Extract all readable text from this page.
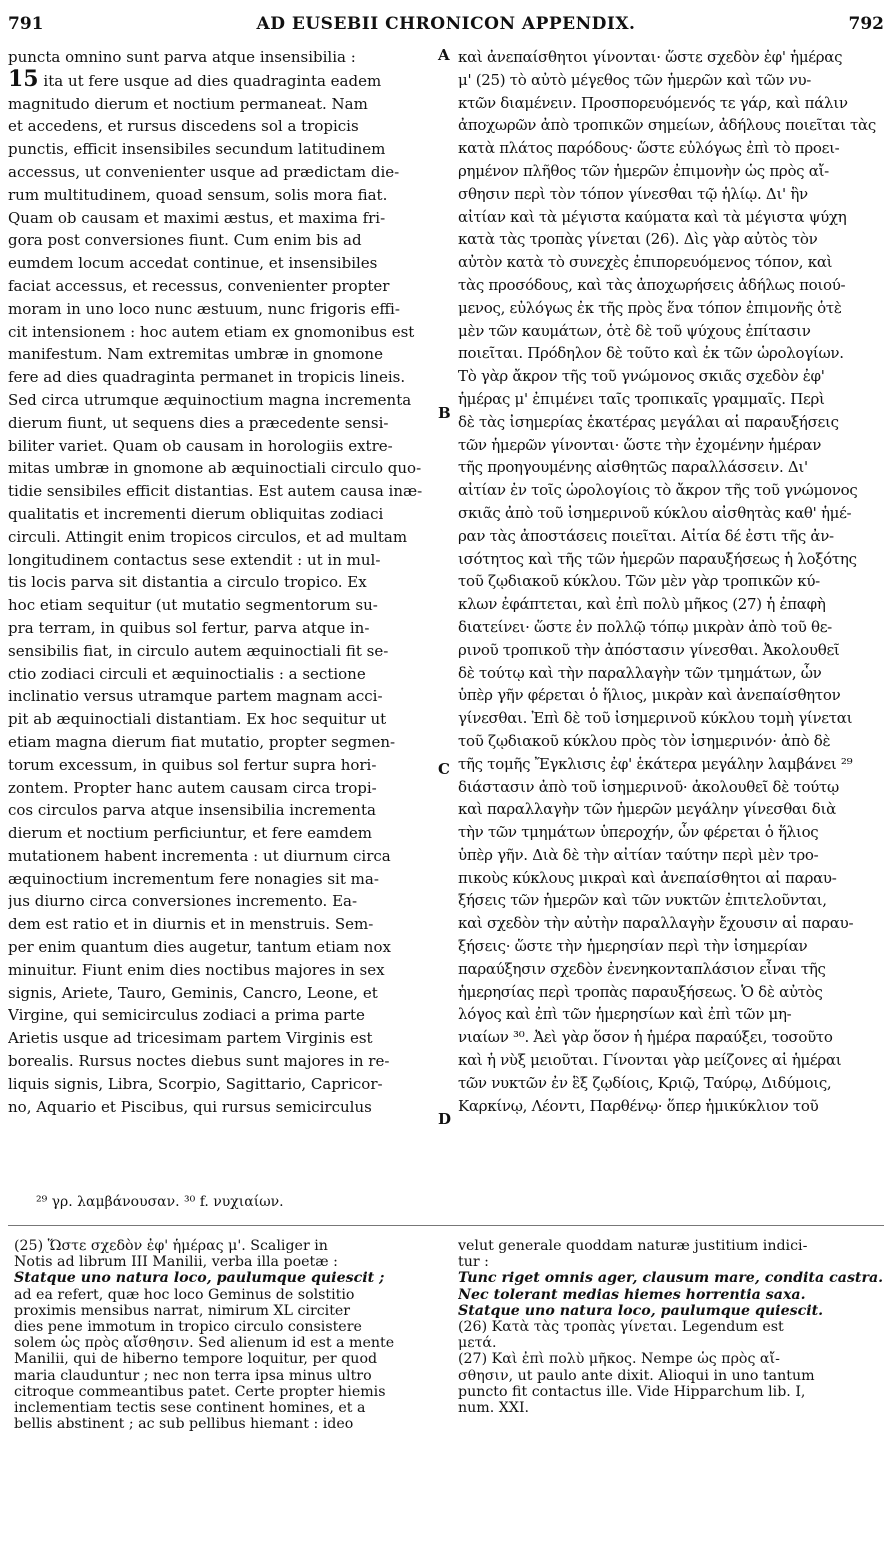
791	AD EUSEBII CHRONICON APPENDIX.	792
puncta omnino sunt parva atque insensibilia :
15 ita ut fere usque ad dies quadraginta eadem
magnitudo dierum et noctium permaneat. Nam
et accedens, et rursus discedens sol a tropicis
punctis, efficit insensibiles secundum latitudinem
accessus, ut convenienter usque ad prædictam die-
rum multitudinem, quoad sensum, solis mora fiat.
Quam ob causam et maximi æstus, et maxima fri-
gora post conversiones fiunt. Cum enim bis ad
eumdem locum accedat continue, et insensibiles
faciat accessus, et recessus, convenienter propter
moram in uno loco nunc æstuum, nunc frigoris effi-
cit intensionem : hoc autem etiam ex gnomonibus est
manifestum. Nam extremitas umbræ in gnomone
fere ad dies quadraginta permanet in tropicis lineis.
Sed circa utrumque æquinoctium magna incrementa
dierum fiunt, ut sequens dies a præcedente sensi-
biliter variet. Quam ob causam in horologiis extre-
mitas umbræ in gnomone ab æquinoctiali circulo quo-
tidie sensibiles efficit distantias. Est autem causa inæ-
qualitatis et incrementi dierum obliquitas zodiaci
circuli. Attingit enim tropicos circulos, et ad multam
longitudinem contactus sese extendit : ut in mul-
tis locis parva sit distantia a circulo tropico. Ex
hoc etiam sequitur (ut mutatio segmentorum su-
pra terram, in quibus sol fertur, parva atque in-
sensibilis fiat, in circulo autem æquinoctiali fit se-
ctio zodiaci circuli et æquinoctialis : a sectione
inclinatio versus utramque partem magnam acci-
pit ab æquinoctiali distantiam. Ex hoc sequitur ut
etiam magna dierum fiat mutatio, propter segmen-
torum excessum, in quibus sol fertur supra hori-
zontem. Propter hanc autem causam circa tropi-
cos circulos parva atque insensibilia incrementa
dierum et noctium perficiuntur, et fere eamdem
mutationem habent incrementa : ut diurnum circa
æquinoctium incrementum fere nonagies sit ma-
jus diurno circa conversiones incremento. Ea-
dem est ratio et in diurnis et in menstruis. Sem-
per enim quantum dies augetur, tantum etiam nox
minuitur. Fiunt enim dies noctibus majores in sex
signis, Ariete, Tauro, Geminis, Cancro, Leone, et
Virgine, qui semicirculus zodiaci a prima parte
Arietis usque ad tricesimam partem Virginis est
borealis. Rursus noctes diebus sunt majores in re-
liquis signis, Libra, Scorpio, Sagittario, Capricor-
no, Aquario et Piscibus, qui rursus semicirculus
A
B
C
D
καὶ ἀνεπαίσθητοι γίνονται· ὥστε σχεδὸν ἐφ' ἡμέρας
μ' (25) τὸ αὐτὸ μέγεθος τῶν ἡμερῶν καὶ τῶν νυ-
κτῶν διαμένειν. Προσπορευόμενός τε γάρ, καὶ πάλιν
ἀποχωρῶν ἀπὸ τροπικῶν σημείων, ἀδήλους ποιεῖται τὰς
κατὰ πλάτος παρόδους· ὥστε εὐλόγως ἐπὶ τὸ προει-
ρημένον πλῆθος τῶν ἡμερῶν ἐπιμονὴν ὡς πρὸς αἴ-
σθησιν περὶ τὸν τόπον γίνεσθαι τῷ ἡλίῳ. Δι' ἣν
αἰτίαν καὶ τὰ μέγιστα καύματα καὶ τὰ μέγιστα ψύχη
κατὰ τὰς τροπὰς γίνεται (26). Δὶς γὰρ αὐτὸς τὸν
αὐτὸν κατὰ τὸ συνεχὲς ἐπιπορευόμενος τόπον, καὶ
τὰς προσόδους, καὶ τὰς ἀποχωρήσεις ἀδήλως ποιού-
μενος, εὐλόγως ἐκ τῆς πρὸς ἕνα τόπον ἐπιμονῆς ὁτὲ
μὲν τῶν καυμάτων, ὁτὲ δὲ τοῦ ψύχους ἐπίτασιν
ποιεῖται. Πρόδηλον δὲ τοῦτο καὶ ἐκ τῶν ὡρολογίων.
Τὸ γὰρ ἄκρον τῆς τοῦ γνώμονος σκιᾶς σχεδὸν ἐφ'
ἡμέρας μ' ἐπιμένει ταῖς τροπικαῖς γραμμαῖς. Περὶ
δὲ τὰς ἰσημερίας ἑκατέρας μεγάλαι αἱ παραυξήσεις
τῶν ἡμερῶν γίνονται· ὥστε τὴν ἐχομένην ἡμέραν
τῆς προηγουμένης αἰσθητῶς παραλλάσσειν. Δι'
αἰτίαν ἐν τοῖς ὡρολογίοις τὸ ἄκρον τῆς τοῦ γνώμονος
σκιᾶς ἀπὸ τοῦ ἰσημερινοῦ κύκλου αἰσθητὰς καθ' ἡμέ-
ραν τὰς ἀποστάσεις ποιεῖται. Αἰτία δέ ἐστι τῆς ἀν-
ισότητος καὶ τῆς τῶν ἡμερῶν παραυξήσεως ἡ λοξότης
τοῦ ζῳδιακοῦ κύκλου. Τῶν μὲν γὰρ τροπικῶν κύ-
κλων ἐφάπτεται, καὶ ἐπὶ πολὺ μῆκος (27) ἡ ἐπαφὴ
διατείνει· ὥστε ἐν πολλῷ τόπῳ μικρὰν ἀπὸ τοῦ θε-
ρινοῦ τροπικοῦ τὴν ἀπόστασιν γίνεσθαι. Ἀκολουθεῖ
δὲ τούτῳ καὶ τὴν παραλλαγὴν τῶν τμημάτων, ὧν
ὑπὲρ γῆν φέρεται ὁ ἥλιος, μικρὰν καὶ ἀνεπαίσθητον
γίνεσθαι. Ἐπὶ δὲ τοῦ ἰσημερινοῦ κύκλου τομὴ γίνεται
τοῦ ζῳδιακοῦ κύκλου πρὸς τὸν ἰσημερινόν· ἀπὸ δὲ
τῆς τομῆς Ἔγκλισις ἐφ' ἑκάτερα μεγάλην λαμβάνει ²⁹
διάστασιν ἀπὸ τοῦ ἰσημερινοῦ· ἀκολουθεῖ δὲ τούτῳ
καὶ παραλλαγὴν τῶν ἡμερῶν μεγάλην γίνεσθαι διὰ
τὴν τῶν τμημάτων ὑπεροχήν, ὧν φέρεται ὁ ἥλιος
ὑπὲρ γῆν. Διὰ δὲ τὴν αἰτίαν ταύτην περὶ μὲν τρο-
πικοὺς κύκλους μικραὶ καὶ ἀνεπαίσθητοι αἱ παραυ-
ξήσεις τῶν ἡμερῶν καὶ τῶν νυκτῶν ἐπιτελοῦνται,
καὶ σχεδὸν τὴν αὐτὴν παραλλαγὴν ἔχουσιν αἱ παραυ-
ξήσεις· ὥστε τὴν ἡμερησίαν περὶ τὴν ἰσημερίαν
παραύξησιν σχεδὸν ἐνενηκονταπλάσιον εἶναι τῆς
ἡμερησίας περὶ τροπὰς παραυξήσεως. Ὁ δὲ αὐτὸς
λόγος καὶ ἐπὶ τῶν ἡμερησίων καὶ ἐπὶ τῶν μη-
νιαίων ³⁰. Ἀεὶ γὰρ ὅσον ἡ ἡμέρα παραύξει, τοσοῦτο
καὶ ἡ νὺξ μειοῦται. Γίνονται γὰρ μείζονες αἱ ἡμέραι
τῶν νυκτῶν ἐν ἓξ ζῳδίοις, Κριῷ, Ταύρῳ, Διδύμοις,
Καρκίνῳ, Λέοντι, Παρθένῳ· ὅπερ ἡμικύκλιον τοῦ
²⁹ γρ. λαμβάνουσαν. ³⁰ f. νυχιαίων.
(25) Ὥστε σχεδὸν ἐφ' ἡμέρας μ'. Scaliger in
Notis ad librum III Manilii, verba illa poetæ :
Statque uno natura loco, paulumque quiescit ;
ad ea refert, quæ hoc loco Geminus de solstitio
proximis mensibus narrat, nimirum XL circiter
dies pene immotum in tropico circulo consistere
solem ὡς πρὸς αἴσθησιν. Sed alienum id est a mente
Manilii, qui de hiberno tempore loquitur, per quod
maria clauduntur ; nec non terra ipsa minus ultro
citroque commeantibus patet. Certe propter hiemis
inclementiam tectis sese continent homines, et a
bellis abstinent ; ac sub pellibus hiemant : ideo
velut generale quoddam naturæ justitium indici-
tur :
Tunc riget omnis ager, clausum mare, condita castra.
Nec tolerant medias hiemes horrentia saxa.
Statque uno natura loco, paulumque quiescit.
(26) Κατὰ τὰς τροπὰς γίνεται. Legendum est
μετά.
(27) Καὶ ἐπὶ πολὺ μῆκος. Nempe ὡς πρὸς αἴ-
σθησιν, ut paulo ante dixit. Alioqui in uno tantum
puncto fit contactus ille. Vide Hipparchum lib. I,
num. XXI.
